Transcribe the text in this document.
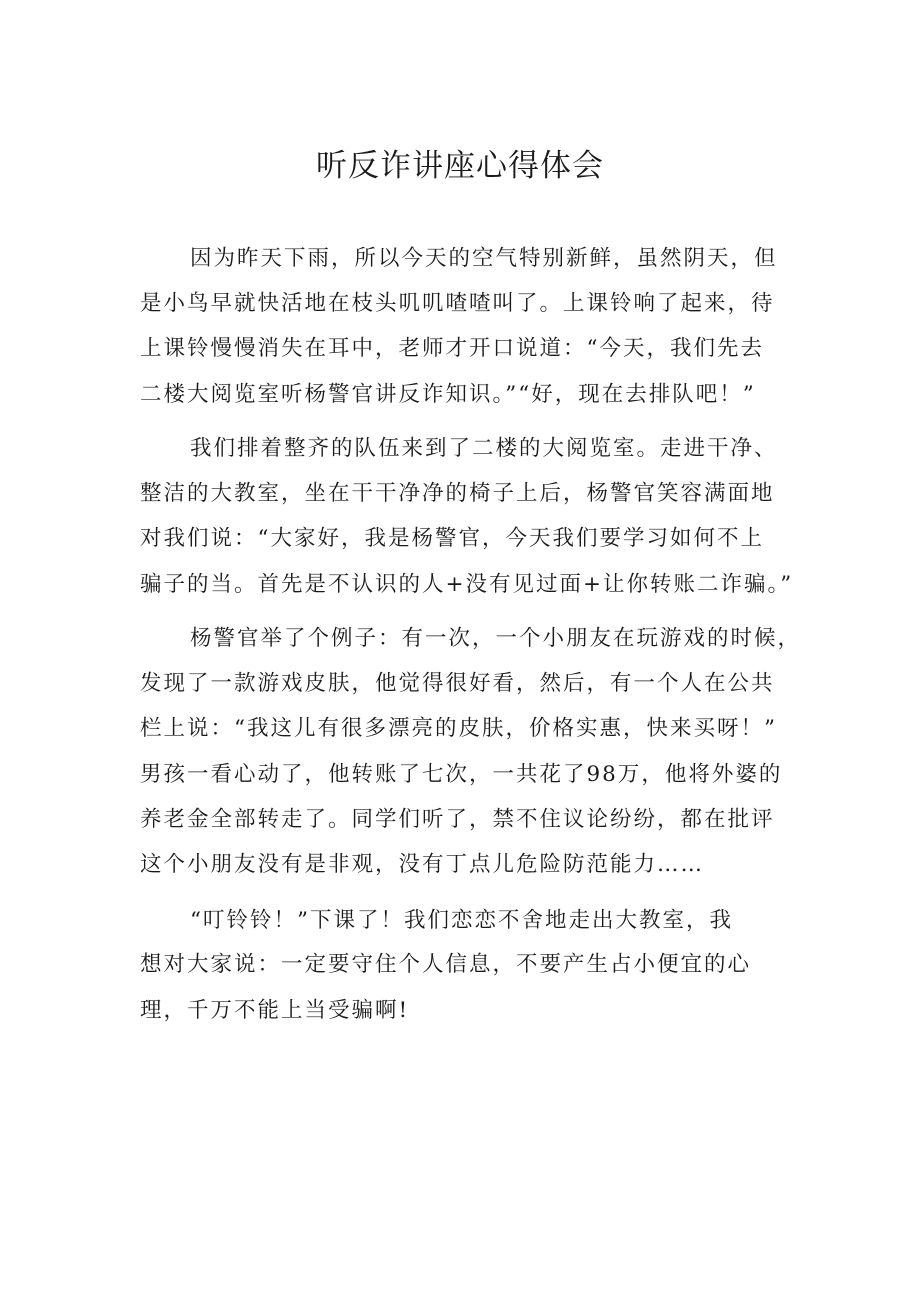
听反诈讲座心得体会

因为昨天下雨，所以今天的空气特别新鲜，虽然阴天，但

是小鸟早就快活地在枝头叽叽喳喳叫了。上课铃响了起来，待

上课铃慢慢消失在耳中，老师才开口说道：“今天，我们先去

二楼大阅览室听杨警官讲反诈知识。”“好，现在去排队吧！”

我们排着整齐的队伍来到了二楼的大阅览室。走进干净、

整洁的大教室，坐在干干净净的椅子上后，杨警官笑容满面地

对我们说：“大家好，我是杨警官，今天我们要学习如何不上

骗子的当。首先是不认识的人+没有见过面+让你转账二诈骗。”

杨警官举了个例子：有一次，一个小朋友在玩游戏的时候，

发现了一款游戏皮肤，他觉得很好看，然后，有一个人在公共

栏上说：“我这儿有很多漂亮的皮肤，价格实惠，快来买呀！”

男孩一看心动了，他转账了七次，一共花了98万，他将外婆的

养老金全部转走了。同学们听了，禁不住议论纷纷，都在批评

这个小朋友没有是非观，没有丁点儿危险防范能力……

“叮铃铃！”下课了！我们恋恋不舍地走出大教室，我

想对大家说：一定要守住个人信息，不要产生占小便宜的心

理，千万不能上当受骗啊!
